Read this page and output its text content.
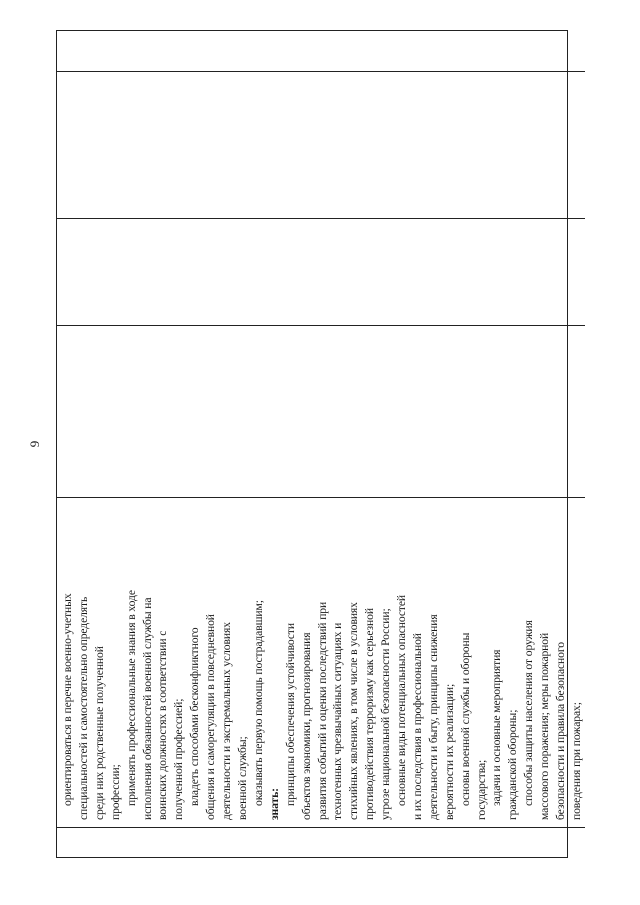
9

ориентироваться в перечне военно-учетных специальностей и самостоятельно определять среди них родственные полученной профессии; применять профессиональные знания в ходе исполнения обязанностей военной службы на воинских должностях в соответствии с полученной профессией; владеть способами бесконфликтного общения и саморегуляции в повседневной деятельности и экстремальных условиях военной службы; оказывать первую помощь пострадавшим; знать: принципы обеспечения устойчивости объектов экономики, прогнозирования развития событий и оценки последствий при техногенных чрезвычайных ситуациях и стихийных явлениях, в том числе в условиях противодействия терроризму как серьезной угрозе национальной безопасности России; основные виды потенциальных опасностей и их последствия в профессиональной деятельности и быту, принципы снижения вероятности их реализации; основы военной службы и обороны государства; задачи и основные мероприятия гражданской обороны; способы защиты населения от оружия массового поражения; меры пожарной безопасности и правила безопасного поведения при пожарах;
